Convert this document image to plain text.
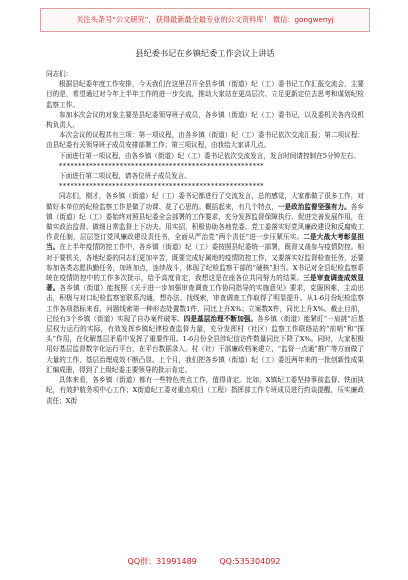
关注头条号“公文研究”，获得最新最全最专业的公文资料库！ 微信：gongwenyj
县纪委书记在乡镇纪委工作会议上讲话

同志们：

根据县纪委年度工作安排，今天我们在这里召开全县乡镇（街道）纪（工）委书记工作汇报交流会，主要目的是，希望通过对今年上半年工作的进一步交流，推动大家站在更高层次、立足更新定位去思考和谋划纪检监察工作。

参加本次会议的对象主要是县纪委领导班子成员，各乡镇（街道）纪（工）委书记，以及委机关各内设机构负责人。

本次会议的议程共有三项：第一项议程，由各乡镇（街道）纪（工）委书记依次交流汇报；第二项议程：由县纪委有关领导班子成员安排部署工作；第三项议程，由我给大家讲几点。

下面进行第一项议程，由各乡镇（街道）纪（工）委书记依次交流发言，发言时间请控制在5分钟左右。

******************************************************

下面进行第二项议程，请各位班子成员发言。

******************************************************

同志们，刚才，各乡镇（街道）纪（工）委书记都进行了交流发言，总的感觉，大家都做了很多工作，对做好本单位的纪检监察工作是做了功课、花了心思的。概括起来，有几个特点，一是政治监督坚强有力。各乡镇（街道）纪（工）委始终对照县纪委全会部署的工作要求，充分发挥监督保障执行、促进完善发展作用，在做实政治监督、做细日常监督上下功夫。用实招，积极协助各地党委、党工委落实好党风廉政建设和反腐败工作责任制，层层签订党风廉政建设责任书，全面从严治党“两个责任”进一步压紧压实。二是大战大考彰显担当。在上半年疫情防控工作中，各乡镇（街道）纪（工）委按照县纪委统一部署，既督又战参与疫情防控。相对于要机关，各地纪委的同志们更加辛苦，既要完成好属地的疫情防控工作，又要落实好监督检查任务，还要参加各类志愿执勤任务，加班加点，连续战斗，体现了纪检监察干部的“硬核”担当。X书记对全县纪检监察系统在疫情防控中的工作多次批示，给予高度肯定，我想这是在座各位共同努力的结果。三是审查调查成效显著。各乡镇（街道）能按照《关于进一步加强审查调查工作协同指导的实施意见》要求，克服困难，主动出击，积极与对口纪检监察室联系沟通，想办法、找线索，审查调查工作取得了明显提升。从1-6月份纪检监察工作各项指标来看，问题线索第一种形态处置数1件，同比上升X%；立案数X件，同比上升X%。截止目前，已经有3个乡镇（街道）实现了自办案件破零。四是基层治理不断加强。各乡镇（街道）能紧盯“一肩挑”后基层权力运行的实际，有效发挥乡镇纪律检查监督力量，充分发挥村（社区）监察工作联络站的“前哨”和“探头”作用，在化解基层矛盾中发挥了重要作用。1-6月份全县涉纪信访件数量同比下降了X%。同时，大家积极用好基层监督数字化运行平台，在平台数据录入、村（社）干部廉政档案建立、“监督一点通”推广等方面做了大量的工作，基层治理成效不断凸显。上个月，我们把各乡镇（街道）纪（工）委近两年来的一批创新性成果汇编成册，得到了上级纪委主要领导的批示肯定。

具体来看，各乡镇（街道）都有一些特色亮点工作，值得肯定。比如，X镇纪工委坚持事前监督、铁面执纪，有效护航务项中心工作；X街道纪工委对重点项目（工程）指挥部工作专班成员进行约谈提醒，压实廉政责任；X街

QQ群：31991489	QQ:535304092
